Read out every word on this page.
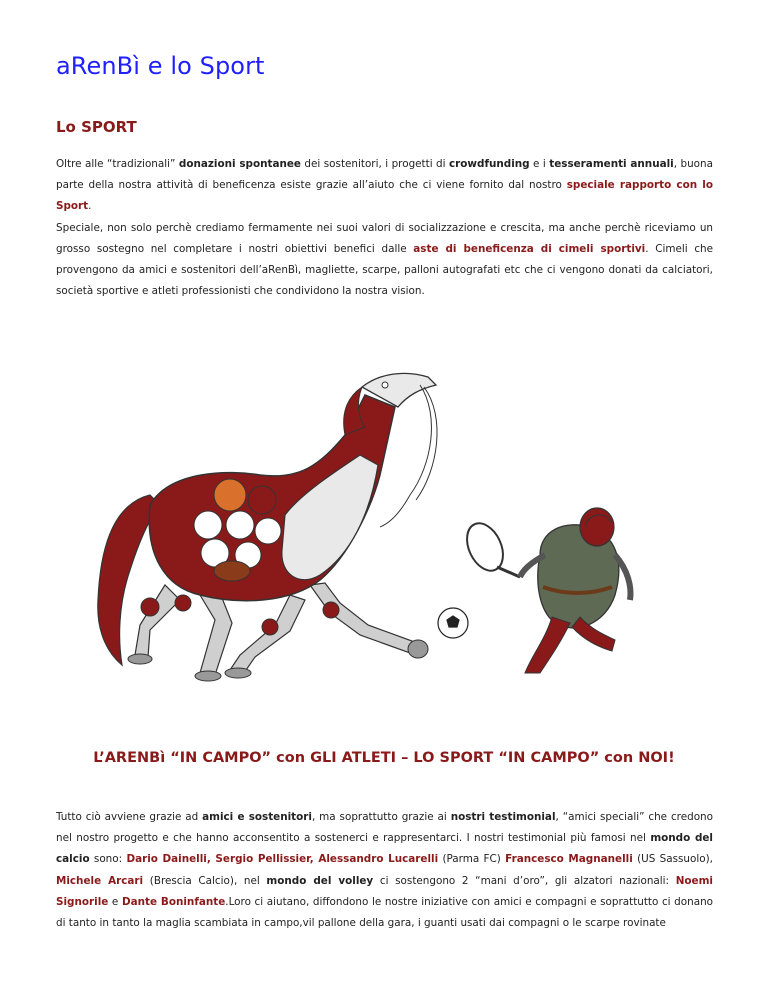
aRenBì e lo Sport
Lo SPORT

Oltre alle “tradizionali” donazioni spontanee dei sostenitori, i progetti di crowdfunding e i tesseramenti annuali, buona parte della nostra attività di beneficenza esiste grazie all’aiuto che ci viene fornito dal nostro speciale rapporto con lo Sport.
Speciale, non solo perchè crediamo fermamente nei suoi valori di socializzazione e crescita, ma anche perchè riceviamo un grosso sostegno nel completare i nostri obiettivi benefici dalle aste di beneficenza di cimeli sportivi. Cimeli che provengono da amici e sostenitori dell’aRenBì, magliette, scarpe, palloni autografati etc che ci vengono donati da calciatori, società sportive e atleti professionisti che condividono la nostra vision.

L’ARENBì “IN CAMPO” con GLI ATLETI – LO SPORT “IN CAMPO” con NOI!

Tutto ciò avviene grazie ad amici e sostenitori, ma soprattutto grazie ai nostri testimonial, “amici speciali” che credono nel nostro progetto e che hanno acconsentito a sostenerci e rappresentarci. I nostri testimonial più famosi nel mondo del calcio sono: Dario Dainelli, Sergio Pellissier, Alessandro Lucarelli (Parma FC) Francesco Magnanelli (US Sassuolo), Michele Arcari (Brescia Calcio), nel mondo del volley ci sostengono 2 “mani d’oro”, gli alzatori nazionali: Noemi Signorile e Dante Boninfante.Loro ci aiutano, diffondono le nostre iniziative con amici e compagni e soprattutto ci donano di tanto in tanto la maglia scambiata in campo,vil pallone della gara, i guanti usati dai compagni o le scarpe rovinate
